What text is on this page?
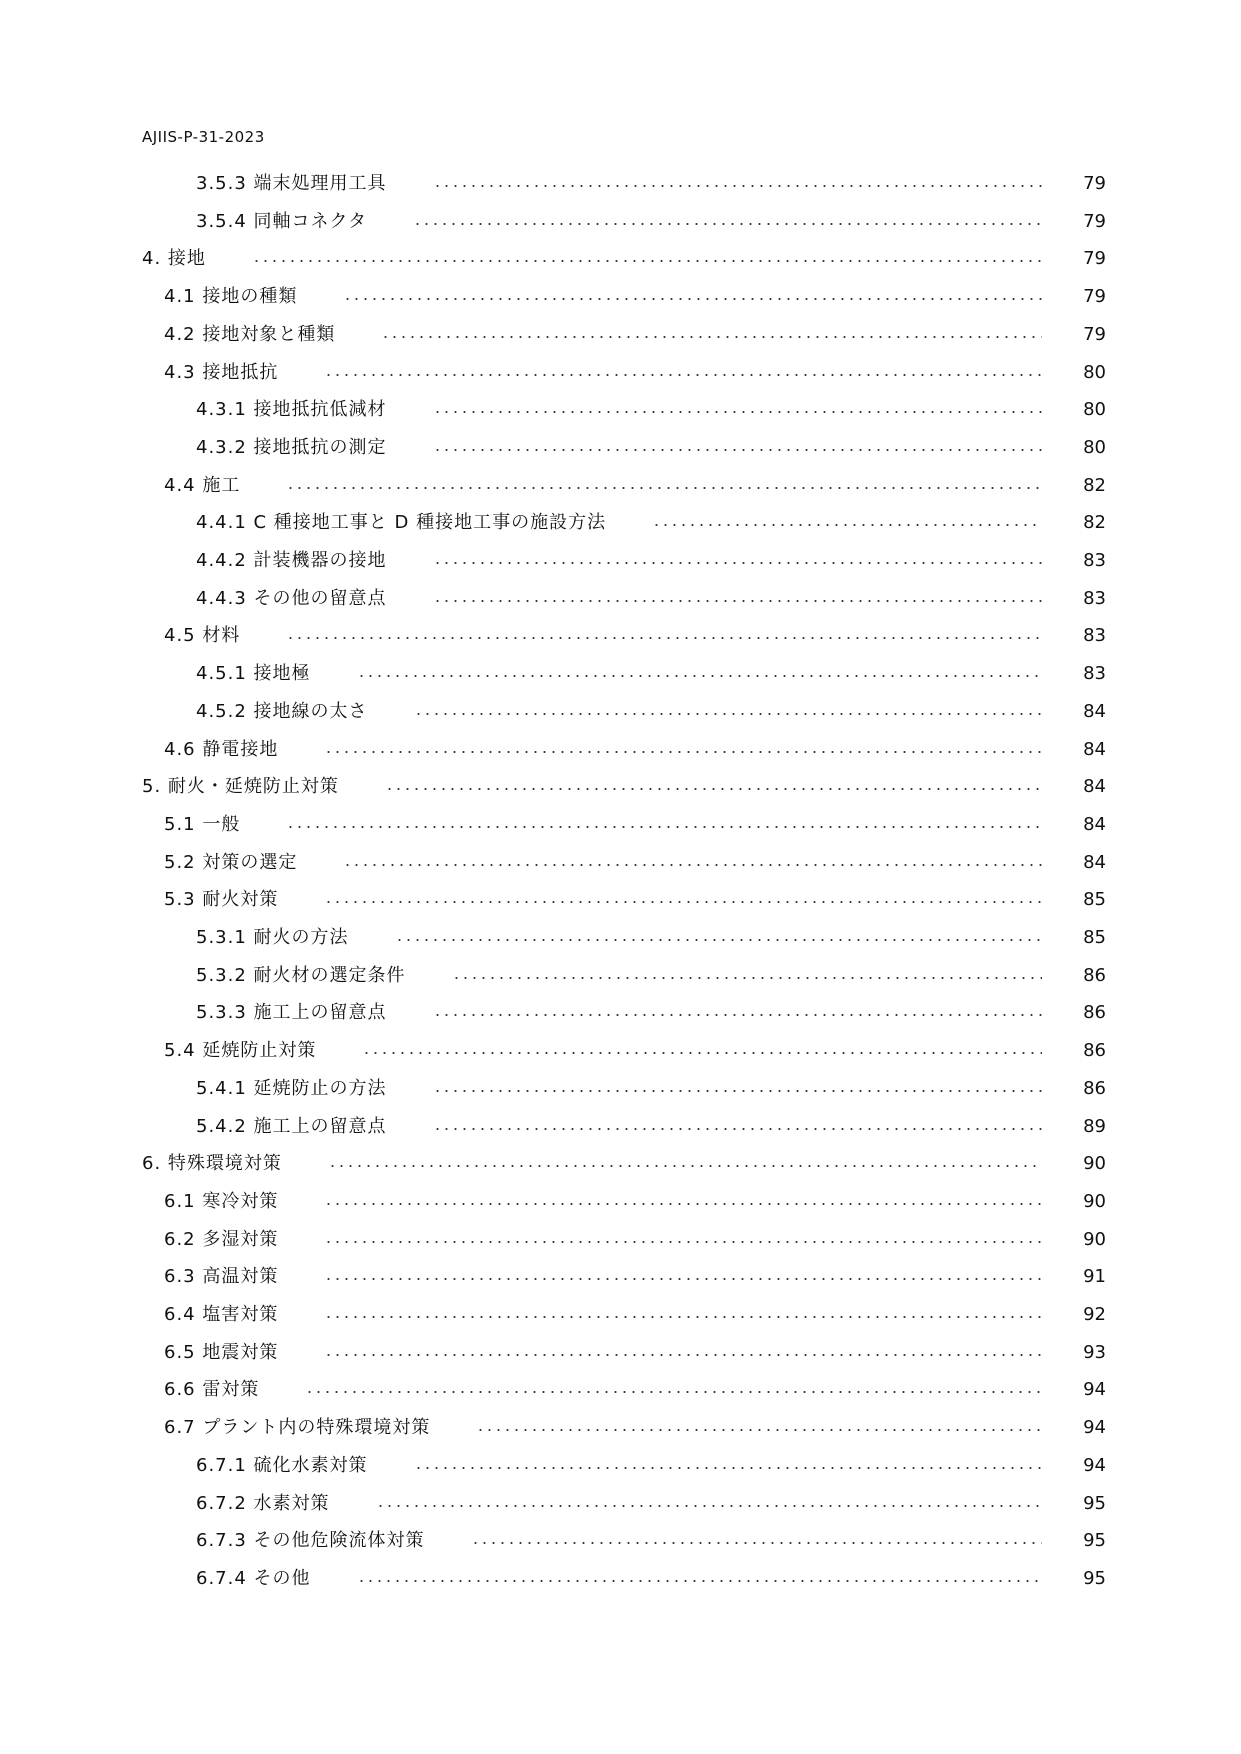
AJIIS-P-31-2023
3.5.3 端末処理用工具	79
3.5.4 同軸コネクタ	79
4. 接地	79
4.1 接地の種類	79
4.2 接地対象と種類	79
4.3 接地抵抗	80
4.3.1 接地抵抗低減材	80
4.3.2 接地抵抗の測定	80
4.4 施工	82
4.4.1 C 種接地工事と D 種接地工事の施設方法	82
4.4.2 計装機器の接地	83
4.4.3 その他の留意点	83
4.5 材料	83
4.5.1 接地極	83
4.5.2 接地線の太さ	84
4.6 静電接地	84
5. 耐火・延焼防止対策	84
5.1 一般	84
5.2 対策の選定	84
5.3 耐火対策	85
5.3.1 耐火の方法	85
5.3.2 耐火材の選定条件	86
5.3.3 施工上の留意点	86
5.4 延焼防止対策	86
5.4.1 延焼防止の方法	86
5.4.2 施工上の留意点	89
6. 特殊環境対策	90
6.1 寒冷対策	90
6.2 多湿対策	90
6.3 高温対策	91
6.4 塩害対策	92
6.5 地震対策	93
6.6 雷対策	94
6.7 プラント内の特殊環境対策	94
6.7.1 硫化水素対策	94
6.7.2 水素対策	95
6.7.3 その他危険流体対策	95
6.7.4 その他	95
